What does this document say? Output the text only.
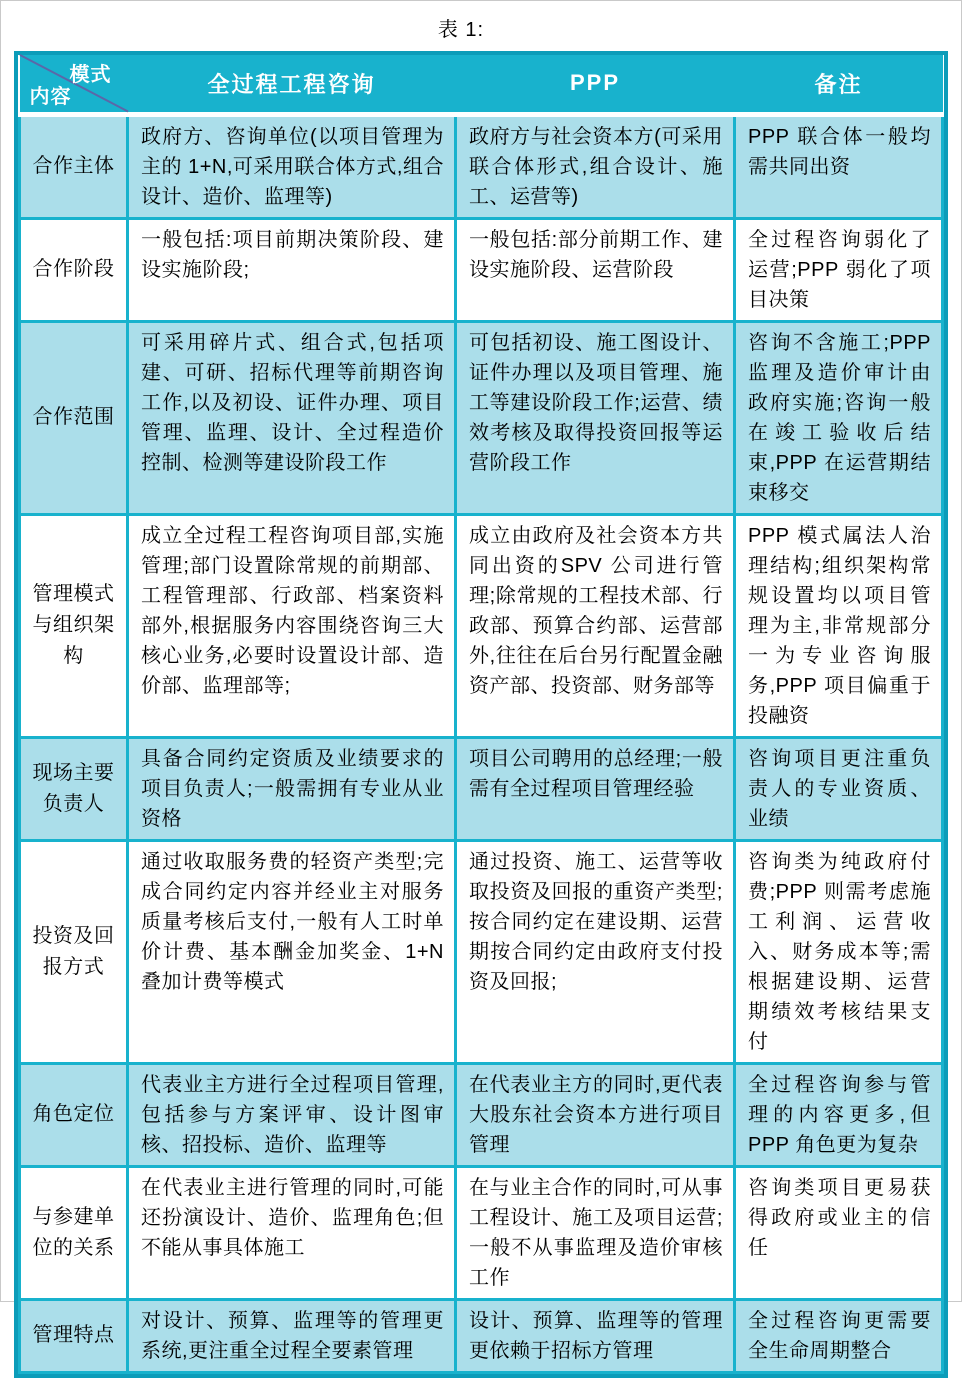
表 1:
模式
内容	全过程工程咨询	PPP	备注
合作主体	政府方、咨询单位(以项目管理为主的 1+N,可采用联合体方式,组合设计、造价、监理等)	政府方与社会资本方(可采用联合体形式,组合设计、施工、运营等)	PPP 联合体一般均需共同出资
合作阶段	一般包括:项目前期决策阶段、建设实施阶段;	一般包括:部分前期工作、建设实施阶段、运营阶段	全过程咨询弱化了运营;PPP 弱化了项目决策
合作范围	可采用碎片式、组合式,包括项建、可研、招标代理等前期咨询工作,以及初设、证件办理、项目管理、监理、设计、全过程造价控制、检测等建设阶段工作	可包括初设、施工图设计、证件办理以及项目管理、施工等建设阶段工作;运营、绩效考核及取得投资回报等运营阶段工作	咨询不含施工;PPP 监理及造价审计由政府实施;咨询一般在竣工验收后结束,PPP 在运营期结束移交
管理模式与组织架构	成立全过程工程咨询项目部,实施管理;部门设置除常规的前期部、工程管理部、行政部、档案资料部外,根据服务内容围绕咨询三大核心业务,必要时设置设计部、造价部、监理部等;	成立由政府及社会资本方共同出资的SPV 公司进行管理;除常规的工程技术部、行政部、预算合约部、运营部外,往往在后台另行配置金融资产部、投资部、财务部等	PPP 模式属法人治理结构;组织架构常规设置均以项目管理为主,非常规部分一为专业咨询服务,PPP 项目偏重于投融资
现场主要负责人	具备合同约定资质及业绩要求的项目负责人;一般需拥有专业从业资格	项目公司聘用的总经理;一般需有全过程项目管理经验	咨询项目更注重负责人的专业资质、业绩
投资及回报方式	通过收取服务费的轻资产类型;完成合同约定内容并经业主对服务质量考核后支付,一般有人工时单价计费、基本酬金加奖金、1+N 叠加计费等模式	通过投资、施工、运营等收取投资及回报的重资产类型;按合同约定在建设期、运营期按合同约定由政府支付投资及回报;	咨询类为纯政府付费;PPP 则需考虑施工利润、运营收入、财务成本等;需根据建设期、运营期绩效考核结果支付
角色定位	代表业主方进行全过程项目管理,包括参与方案评审、设计图审核、招投标、造价、监理等	在代表业主方的同时,更代表大股东社会资本方进行项目管理	全过程咨询参与管理的内容更多,但 PPP 角色更为复杂
与参建单位的关系	在代表业主进行管理的同时,可能还扮演设计、造价、监理角色;但不能从事具体施工	在与业主合作的同时,可从事工程设计、施工及项目运营;一般不从事监理及造价审核工作	咨询类项目更易获得政府或业主的信任
管理特点	对设计、预算、监理等的管理更系统,更注重全过程全要素管理	设计、预算、监理等的管理更依赖于招标方管理	全过程咨询更需要全生命周期整合
